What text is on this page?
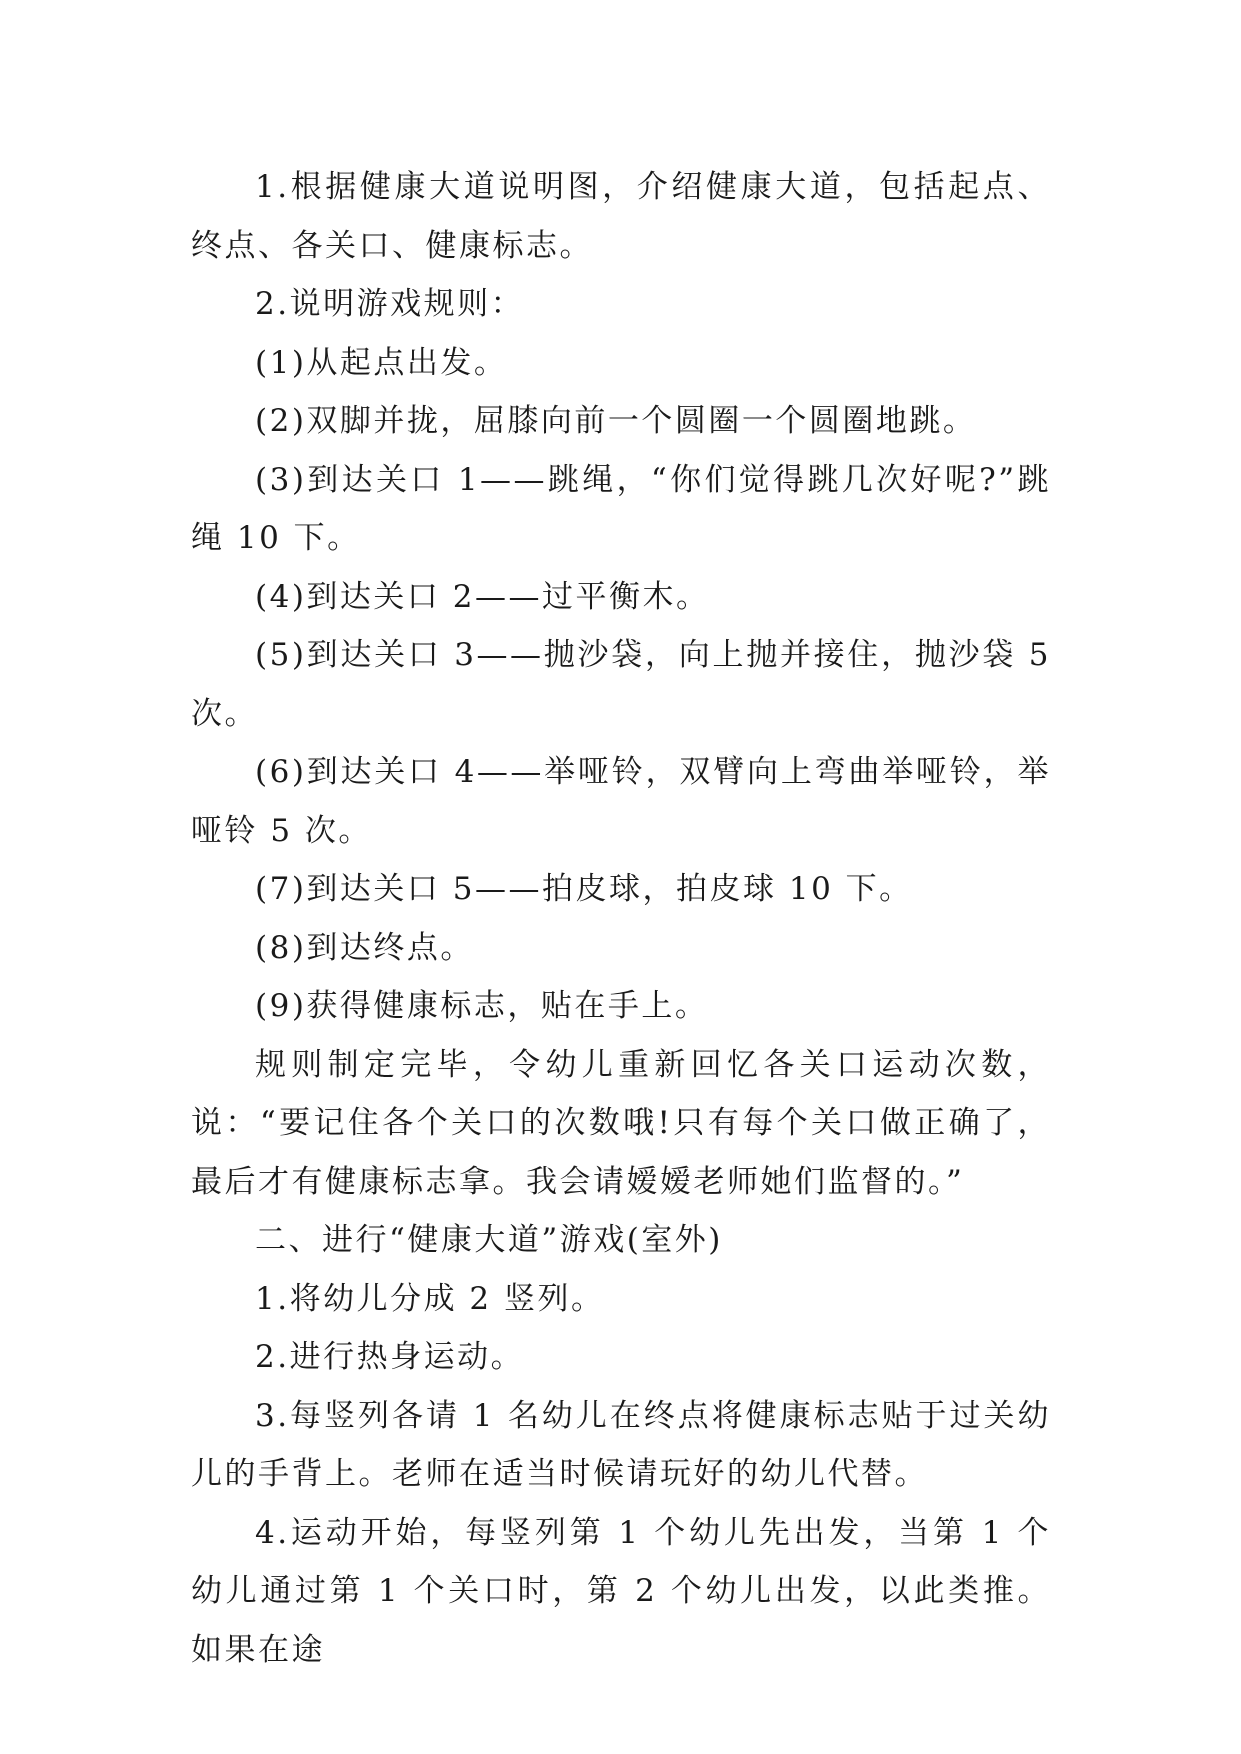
1.根据健康大道说明图，介绍健康大道，包括起点、终点、各关口、健康标志。

2.说明游戏规则：

(1)从起点出发。

(2)双脚并拢，屈膝向前一个圆圈一个圆圈地跳。

(3)到达关口 1——跳绳，“你们觉得跳几次好呢?”跳绳 10 下。

(4)到达关口 2——过平衡木。

(5)到达关口 3——抛沙袋，向上抛并接住，抛沙袋 5 次。

(6)到达关口 4——举哑铃，双臂向上弯曲举哑铃，举哑铃 5 次。

(7)到达关口 5——拍皮球，拍皮球 10 下。

(8)到达终点。

(9)获得健康标志，贴在手上。

规则制定完毕，令幼儿重新回忆各关口运动次数，说：“要记住各个关口的次数哦!只有每个关口做正确了，最后才有健康标志拿。我会请嫒嫒老师她们监督的。”

二、进行“健康大道”游戏(室外)

1.将幼儿分成 2 竖列。

2.进行热身运动。

3.每竖列各请 1 名幼儿在终点将健康标志贴于过关幼儿的手背上。老师在适当时候请玩好的幼儿代替。

4.运动开始，每竖列第 1 个幼儿先出发，当第 1 个幼儿通过第 1 个关口时，第 2 个幼儿出发，以此类推。如果在途
